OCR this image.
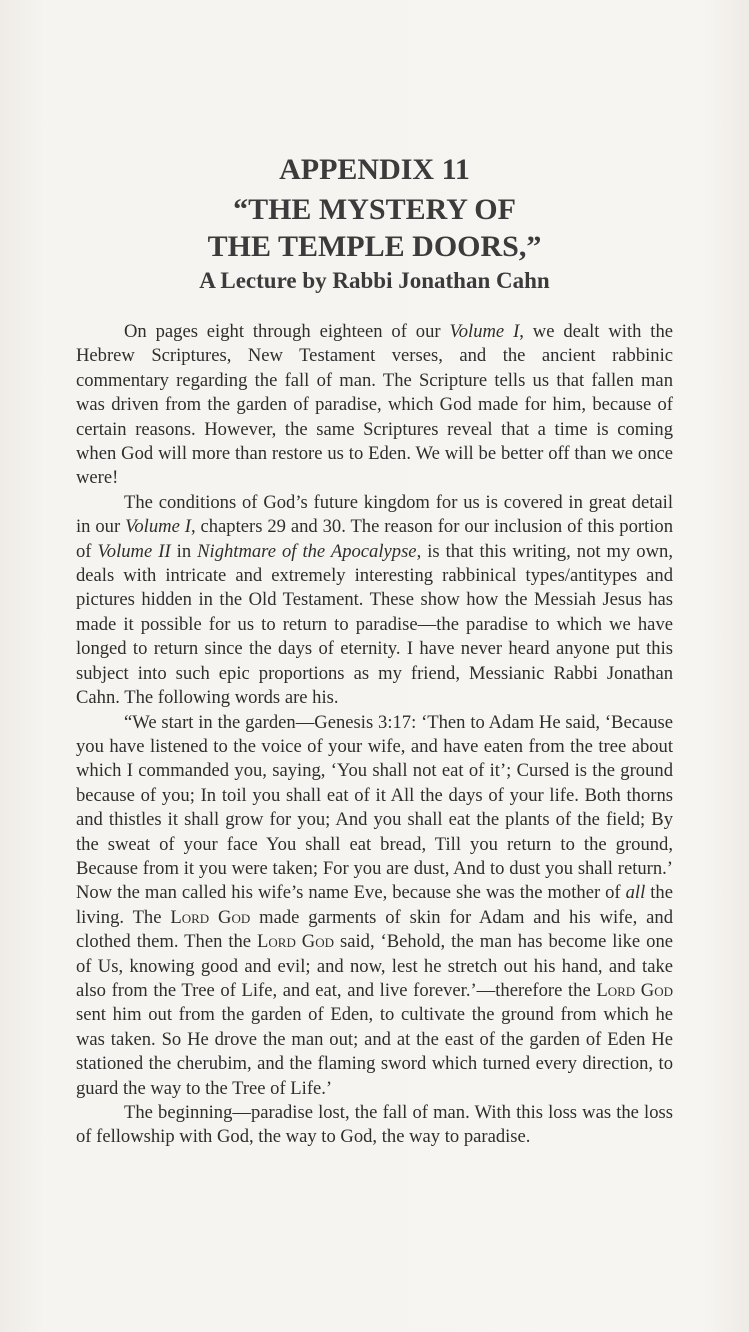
APPENDIX 11
“THE MYSTERY OF
THE TEMPLE DOORS,”
A Lecture by Rabbi Jonathan Cahn

On pages eight through eighteen of our Volume I, we dealt with the Hebrew Scriptures, New Testament verses, and the ancient rabbinic commentary regarding the fall of man. The Scripture tells us that fallen man was driven from the garden of paradise, which God made for him, because of certain reasons. However, the same Scriptures reveal that a time is coming when God will more than restore us to Eden. We will be better off than we once were!

The conditions of God’s future kingdom for us is covered in great detail in our Volume I, chapters 29 and 30. The reason for our inclusion of this portion of Volume II in Nightmare of the Apocalypse, is that this writing, not my own, deals with intricate and extremely interesting rabbinical types/antitypes and pictures hidden in the Old Testament. These show how the Messiah Jesus has made it possible for us to return to paradise—the paradise to which we have longed to return since the days of eternity. I have never heard anyone put this subject into such epic proportions as my friend, Messianic Rabbi Jonathan Cahn. The following words are his.

“We start in the garden—Genesis 3:17: ‘Then to Adam He said, ‘Because you have listened to the voice of your wife, and have eaten from the tree about which I commanded you, saying, ‘You shall not eat of it’; Cursed is the ground because of you; In toil you shall eat of it All the days of your life. Both thorns and thistles it shall grow for you; And you shall eat the plants of the field; By the sweat of your face You shall eat bread, Till you return to the ground, Because from it you were taken; For you are dust, And to dust you shall return.’ Now the man called his wife’s name Eve, because she was the mother of all the living. The Lord God made garments of skin for Adam and his wife, and clothed them. Then the Lord God said, ‘Behold, the man has become like one of Us, knowing good and evil; and now, lest he stretch out his hand, and take also from the Tree of Life, and eat, and live forever.’—therefore the Lord God sent him out from the garden of Eden, to cultivate the ground from which he was taken. So He drove the man out; and at the east of the garden of Eden He stationed the cherubim, and the flaming sword which turned every direction, to guard the way to the Tree of Life.’

The beginning—paradise lost, the fall of man. With this loss was the loss of fellowship with God, the way to God, the way to paradise.
